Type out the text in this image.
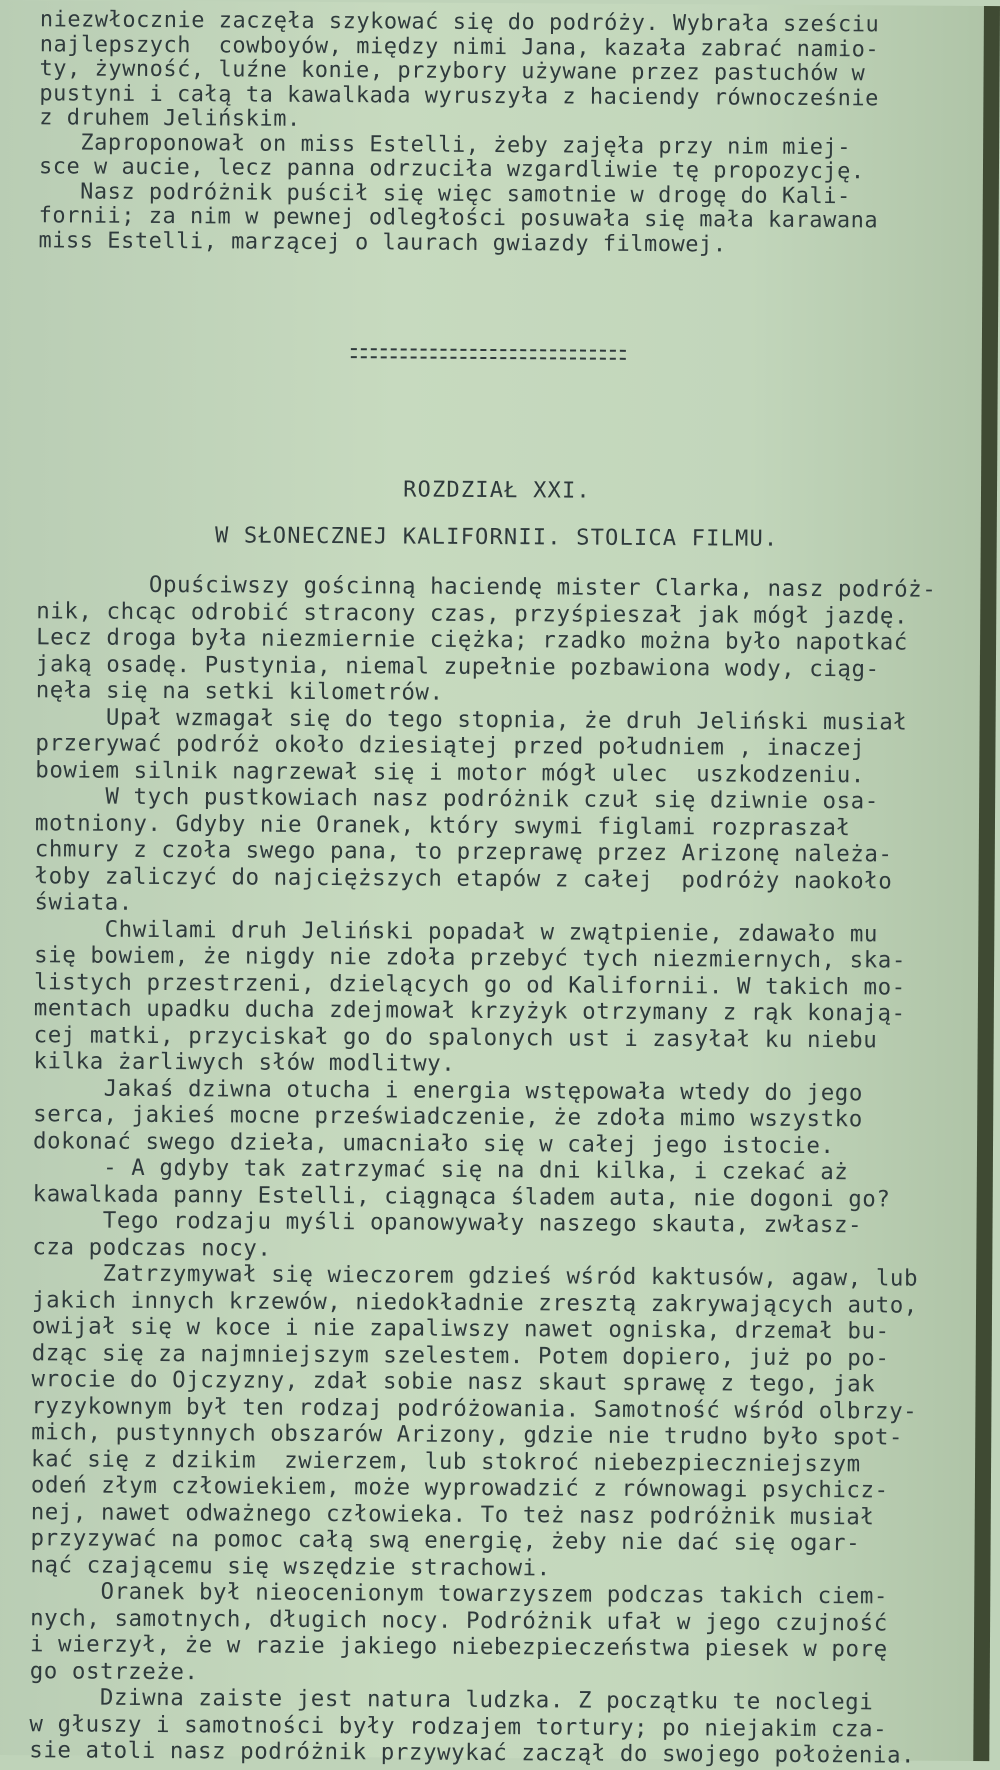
niezwłocznie zaczęła szykować się do podróży. Wybrała sześciu
najlepszych  cowboyów, między nimi Jana, kazała zabrać namio-
ty, żywność, luźne konie, przybory używane przez pastuchów w
pustyni i całą ta kawalkada wyruszyła z haciendy równocześnie
z druhem Jelińskim.
Zaproponował on miss Estelli, żeby zajęła przy nim miej-
sce w aucie, lecz panna odrzuciła wzgardliwie tę propozycję.
Nasz podróżnik puścił się więc samotnie w drogę do Kali-
fornii; za nim w pewnej odległości posuwała się mała karawana
miss Estelli, marzącej o laurach gwiazdy filmowej.
ROZDZIAŁ XXI.
W SŁONECZNEJ KALIFORNII. STOLICA FILMU.
Opuściwszy gościnną haciendę mister Clarka, nasz podróż-
nik, chcąc odrobić stracony czas, przyśpieszał jak mógł jazdę.
Lecz droga była niezmiernie ciężka; rzadko można było napotkać
jaką osadę. Pustynia, niemal zupełnie pozbawiona wody, ciąg-
nęła się na setki kilometrów.
Upał wzmagał się do tego stopnia, że druh Jeliński musiał
przerywać podróż około dziesiątej przed południem , inaczej
bowiem silnik nagrzewał się i motor mógł ulec  uszkodzeniu.
W tych pustkowiach nasz podróżnik czuł się dziwnie osa-
motniony. Gdyby nie Oranek, który swymi figlami rozpraszał
chmury z czoła swego pana, to przeprawę przez Arizonę należa-
łoby zaliczyć do najcięższych etapów z całej  podróży naokoło
świata.
Chwilami druh Jeliński popadał w zwątpienie, zdawało mu
się bowiem, że nigdy nie zdoła przebyć tych niezmiernych, ska-
listych przestrzeni, dzielących go od Kalifornii. W takich mo-
mentach upadku ducha zdejmował krzyżyk otrzymany z rąk konają-
cej matki, przyciskał go do spalonych ust i zasyłał ku niebu
kilka żarliwych słów modlitwy.
Jakaś dziwna otucha i energia wstępowała wtedy do jego
serca, jakieś mocne przeświadczenie, że zdoła mimo wszystko
dokonać swego dzieła, umacniało się w całej jego istocie.
- A gdyby tak zatrzymać się na dni kilka, i czekać aż
kawalkada panny Estelli, ciągnąca śladem auta, nie dogoni go?
Tego rodzaju myśli opanowywały naszego skauta, zwłasz-
cza podczas nocy.
Zatrzymywał się wieczorem gdzieś wśród kaktusów, agaw, lub
jakich innych krzewów, niedokładnie zresztą zakrywających auto,
owijał się w koce i nie zapaliwszy nawet ogniska, drzemał bu-
dząc się za najmniejszym szelestem. Potem dopiero, już po po-
wrocie do Ojczyzny, zdał sobie nasz skaut sprawę z tego, jak
ryzykownym był ten rodzaj podróżowania. Samotność wśród olbrzy-
mich, pustynnych obszarów Arizony, gdzie nie trudno było spot-
kać się z dzikim  zwierzem, lub stokroć niebezpieczniejszym
odeń złym człowiekiem, może wyprowadzić z równowagi psychicz-
nej, nawet odważnego człowieka. To też nasz podróżnik musiał
przyzywać na pomoc całą swą energię, żeby nie dać się ogar-
nąć czającemu się wszędzie strachowi.
Oranek był nieocenionym towarzyszem podczas takich ciem-
nych, samotnych, długich nocy. Podróżnik ufał w jego czujność
i wierzył, że w razie jakiego niebezpieczeństwa piesek w porę
go ostrzeże.
Dziwna zaiste jest natura ludzka. Z początku te noclegi
w głuszy i samotności były rodzajem tortury; po niejakim cza-
sie atoli nasz podróżnik przywykać zaczął do swojego położenia.
